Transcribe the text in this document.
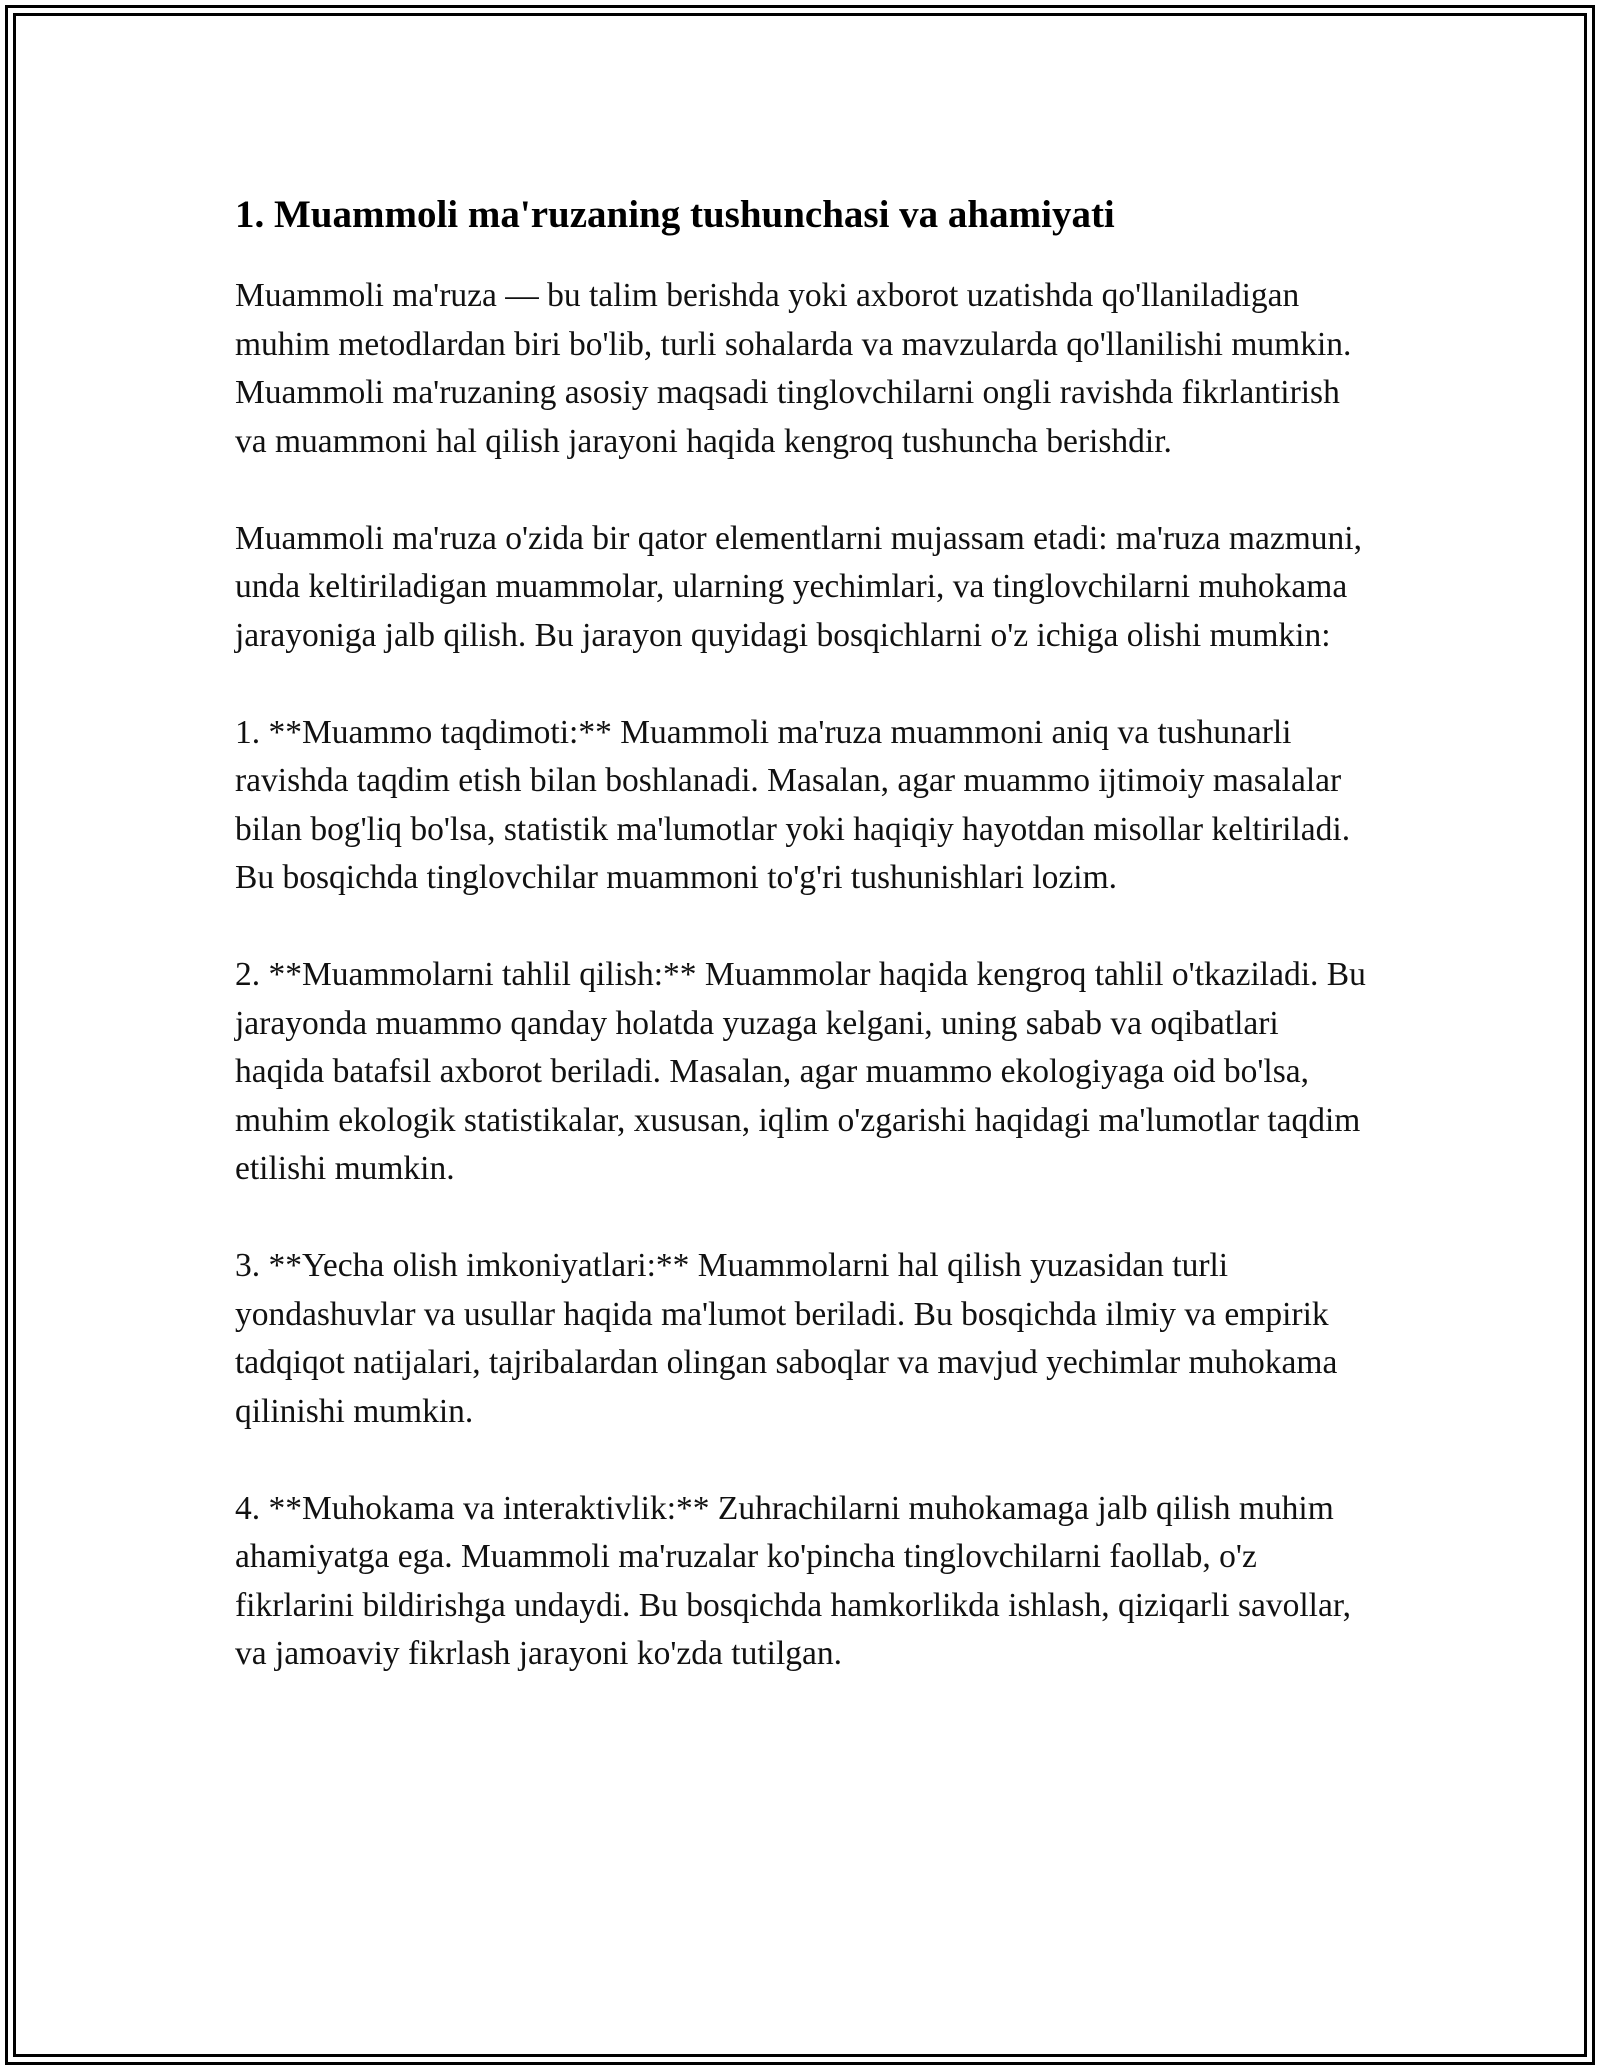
1. Muammoli ma'ruzaning tushunchasi va ahamiyati

Muammoli ma'ruza — bu talim berishda yoki axborot uzatishda qo'llaniladigan muhim metodlardan biri bo'lib, turli sohalarda va mavzularda qo'llanilishi mumkin. Muammoli ma'ruzaning asosiy maqsadi tinglovchilarni ongli ravishda fikrlantirish va muammoni hal qilish jarayoni haqida kengroq tushuncha berishdir.

Muammoli ma'ruza o'zida bir qator elementlarni mujassam etadi: ma'ruza mazmuni, unda keltiriladigan muammolar, ularning yechimlari, va tinglovchilarni muhokama jarayoniga jalb qilish. Bu jarayon quyidagi bosqichlarni o'z ichiga olishi mumkin:

1. **Muammo taqdimoti:** Muammoli ma'ruza muammoni aniq va tushunarli ravishda taqdim etish bilan boshlanadi. Masalan, agar muammo ijtimoiy masalalar bilan bog'liq bo'lsa, statistik ma'lumotlar yoki haqiqiy hayotdan misollar keltiriladi. Bu bosqichda tinglovchilar muammoni to'g'ri tushunishlari lozim.

2. **Muammolarni tahlil qilish:** Muammolar haqida kengroq tahlil o'tkaziladi. Bu jarayonda muammo qanday holatda yuzaga kelgani, uning sabab va oqibatlari haqida batafsil axborot beriladi. Masalan, agar muammo ekologiyaga oid bo'lsa, muhim ekologik statistikalar, xususan, iqlim o'zgarishi haqidagi ma'lumotlar taqdim etilishi mumkin.

3. **Yecha olish imkoniyatlari:** Muammolarni hal qilish yuzasidan turli yondashuvlar va usullar haqida ma'lumot beriladi. Bu bosqichda ilmiy va empirik tadqiqot natijalari, tajribalardan olingan saboqlar va mavjud yechimlar muhokama qilinishi mumkin.

4. **Muhokama va interaktivlik:** Zuhrachilarni muhokamaga jalb qilish muhim ahamiyatga ega. Muammoli ma'ruzalar ko'pincha tinglovchilarni faollab, o'z fikrlarini bildirishga undaydi. Bu bosqichda hamkorlikda ishlash, qiziqarli savollar, va jamoaviy fikrlash jarayoni ko'zda tutilgan.
